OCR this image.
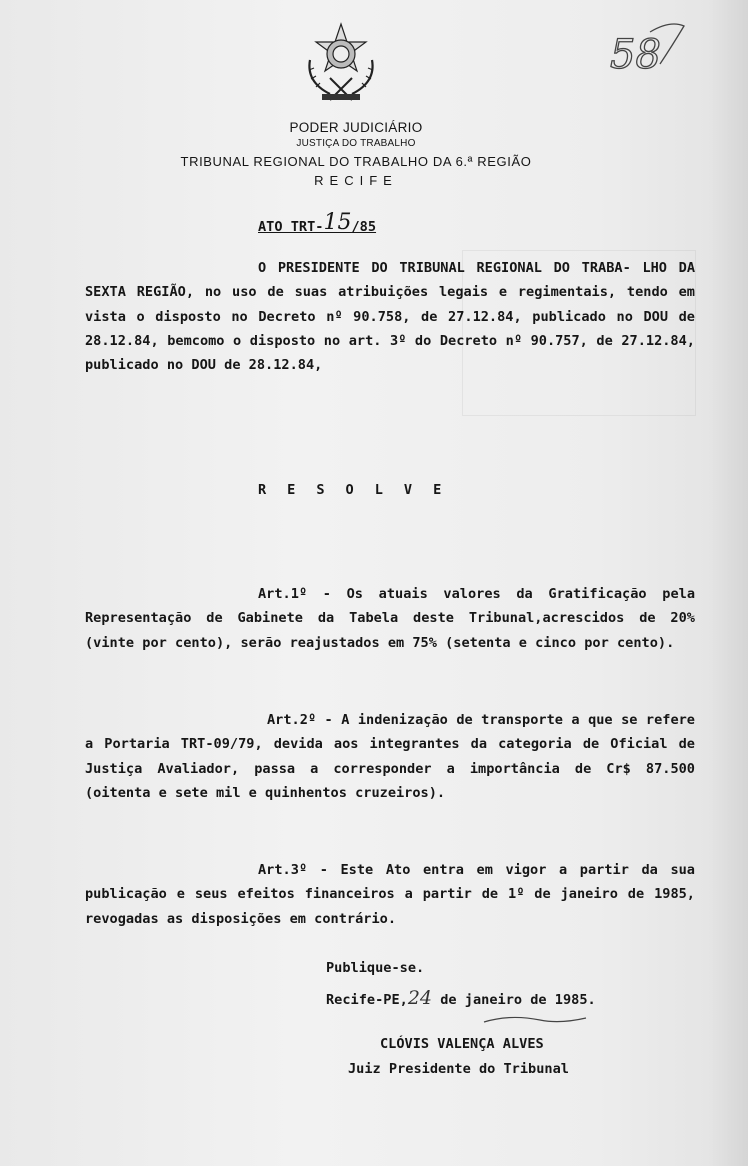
PODER JUDICIÁRIO
JUSTIÇA DO TRABALHO
TRIBUNAL REGIONAL DO TRABALHO DA 6.ª REGIÃO
RECIFE
58
ATO TRT-15/85
O PRESIDENTE DO TRIBUNAL REGIONAL DO TRABA- LHO DA SEXTA REGIÃO, no uso de suas atribuições legais e regimentais, tendo em vista o disposto no Decreto nº 90.758, de 27.12.84, publicado no DOU de 28.12.84, bemcomo o disposto no art. 3º do Decreto nº 90.757, de 27.12.84, publicado no DOU de 28.12.84,
RESOLVE
Art.1º - Os atuais valores da Gratificação pela Representação de Gabinete da Tabela deste Tribunal,acrescidos de 20% (vinte por cento), serão reajustados em 75% (setenta e cinco por cento).
Art.2º - A indenização de transporte a que se refere a Portaria TRT-09/79, devida aos integrantes da categoria de Oficial de Justiça Avaliador, passa a corresponder a importância de Cr$ 87.500 (oitenta e sete mil e quinhentos cruzeiros).
Art.3º - Este Ato entra em vigor a partir da sua publicação e seus efeitos financeiros a partir de 1º de janeiro de 1985, revogadas as disposições em contrário.
Publique-se.
Recife-PE,24 de janeiro de 1985.
CLÓVIS VALENÇA ALVES
Juiz Presidente do Tribunal
